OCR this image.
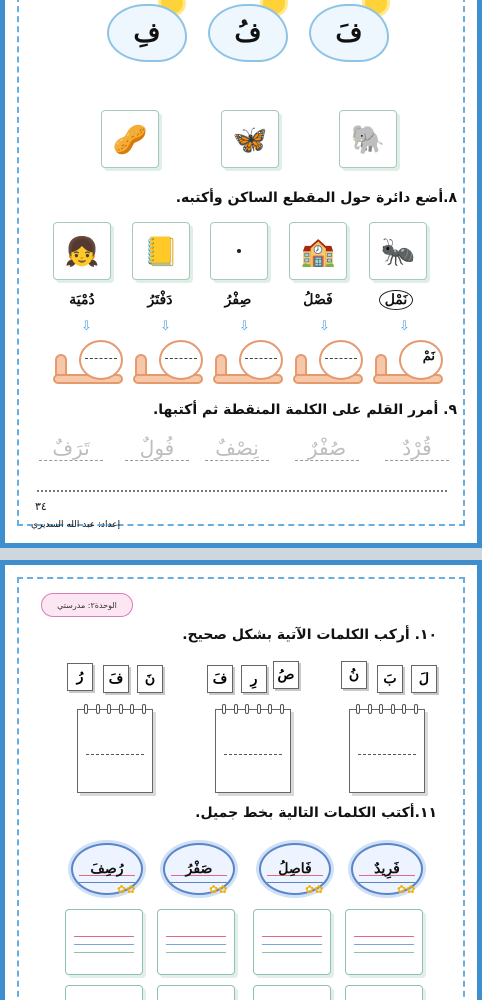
فَ
فُ
فِ
🐘
🦋
🥜
٨.أضع دائرة حول المقطع الساكن وأكتبه.
🐜
🏫
📒
👧
نَمْل
فَصْلُ
صِفْرُ
دَفْتَرُ
دُمْيَة
⇩
⇩
⇩
⇩
⇩
نَمْ
٩. أمرر القلم على الكلمة المنقطة ثم أكتبها.
قُرْدٌ
صُفْرٌ
نِصْفٌ
فُولٌ
تَرَفٌ
٣٤
إعداد: عبد الله السديري
الوحدة٢: مدرستي
١٠. أركب الكلمات الآتية بشكل صحيح.
لَ
بَ
نُ
صُ
رِ
فَ
نَ
فَ
رُ
١١.أكتب الكلمات التالية بخط جميل.
فَرِيدٌ
فَاصِلُ
صَفْرُ
رُصِفَ
✿✿
✿✿
✿✿
✿✿
